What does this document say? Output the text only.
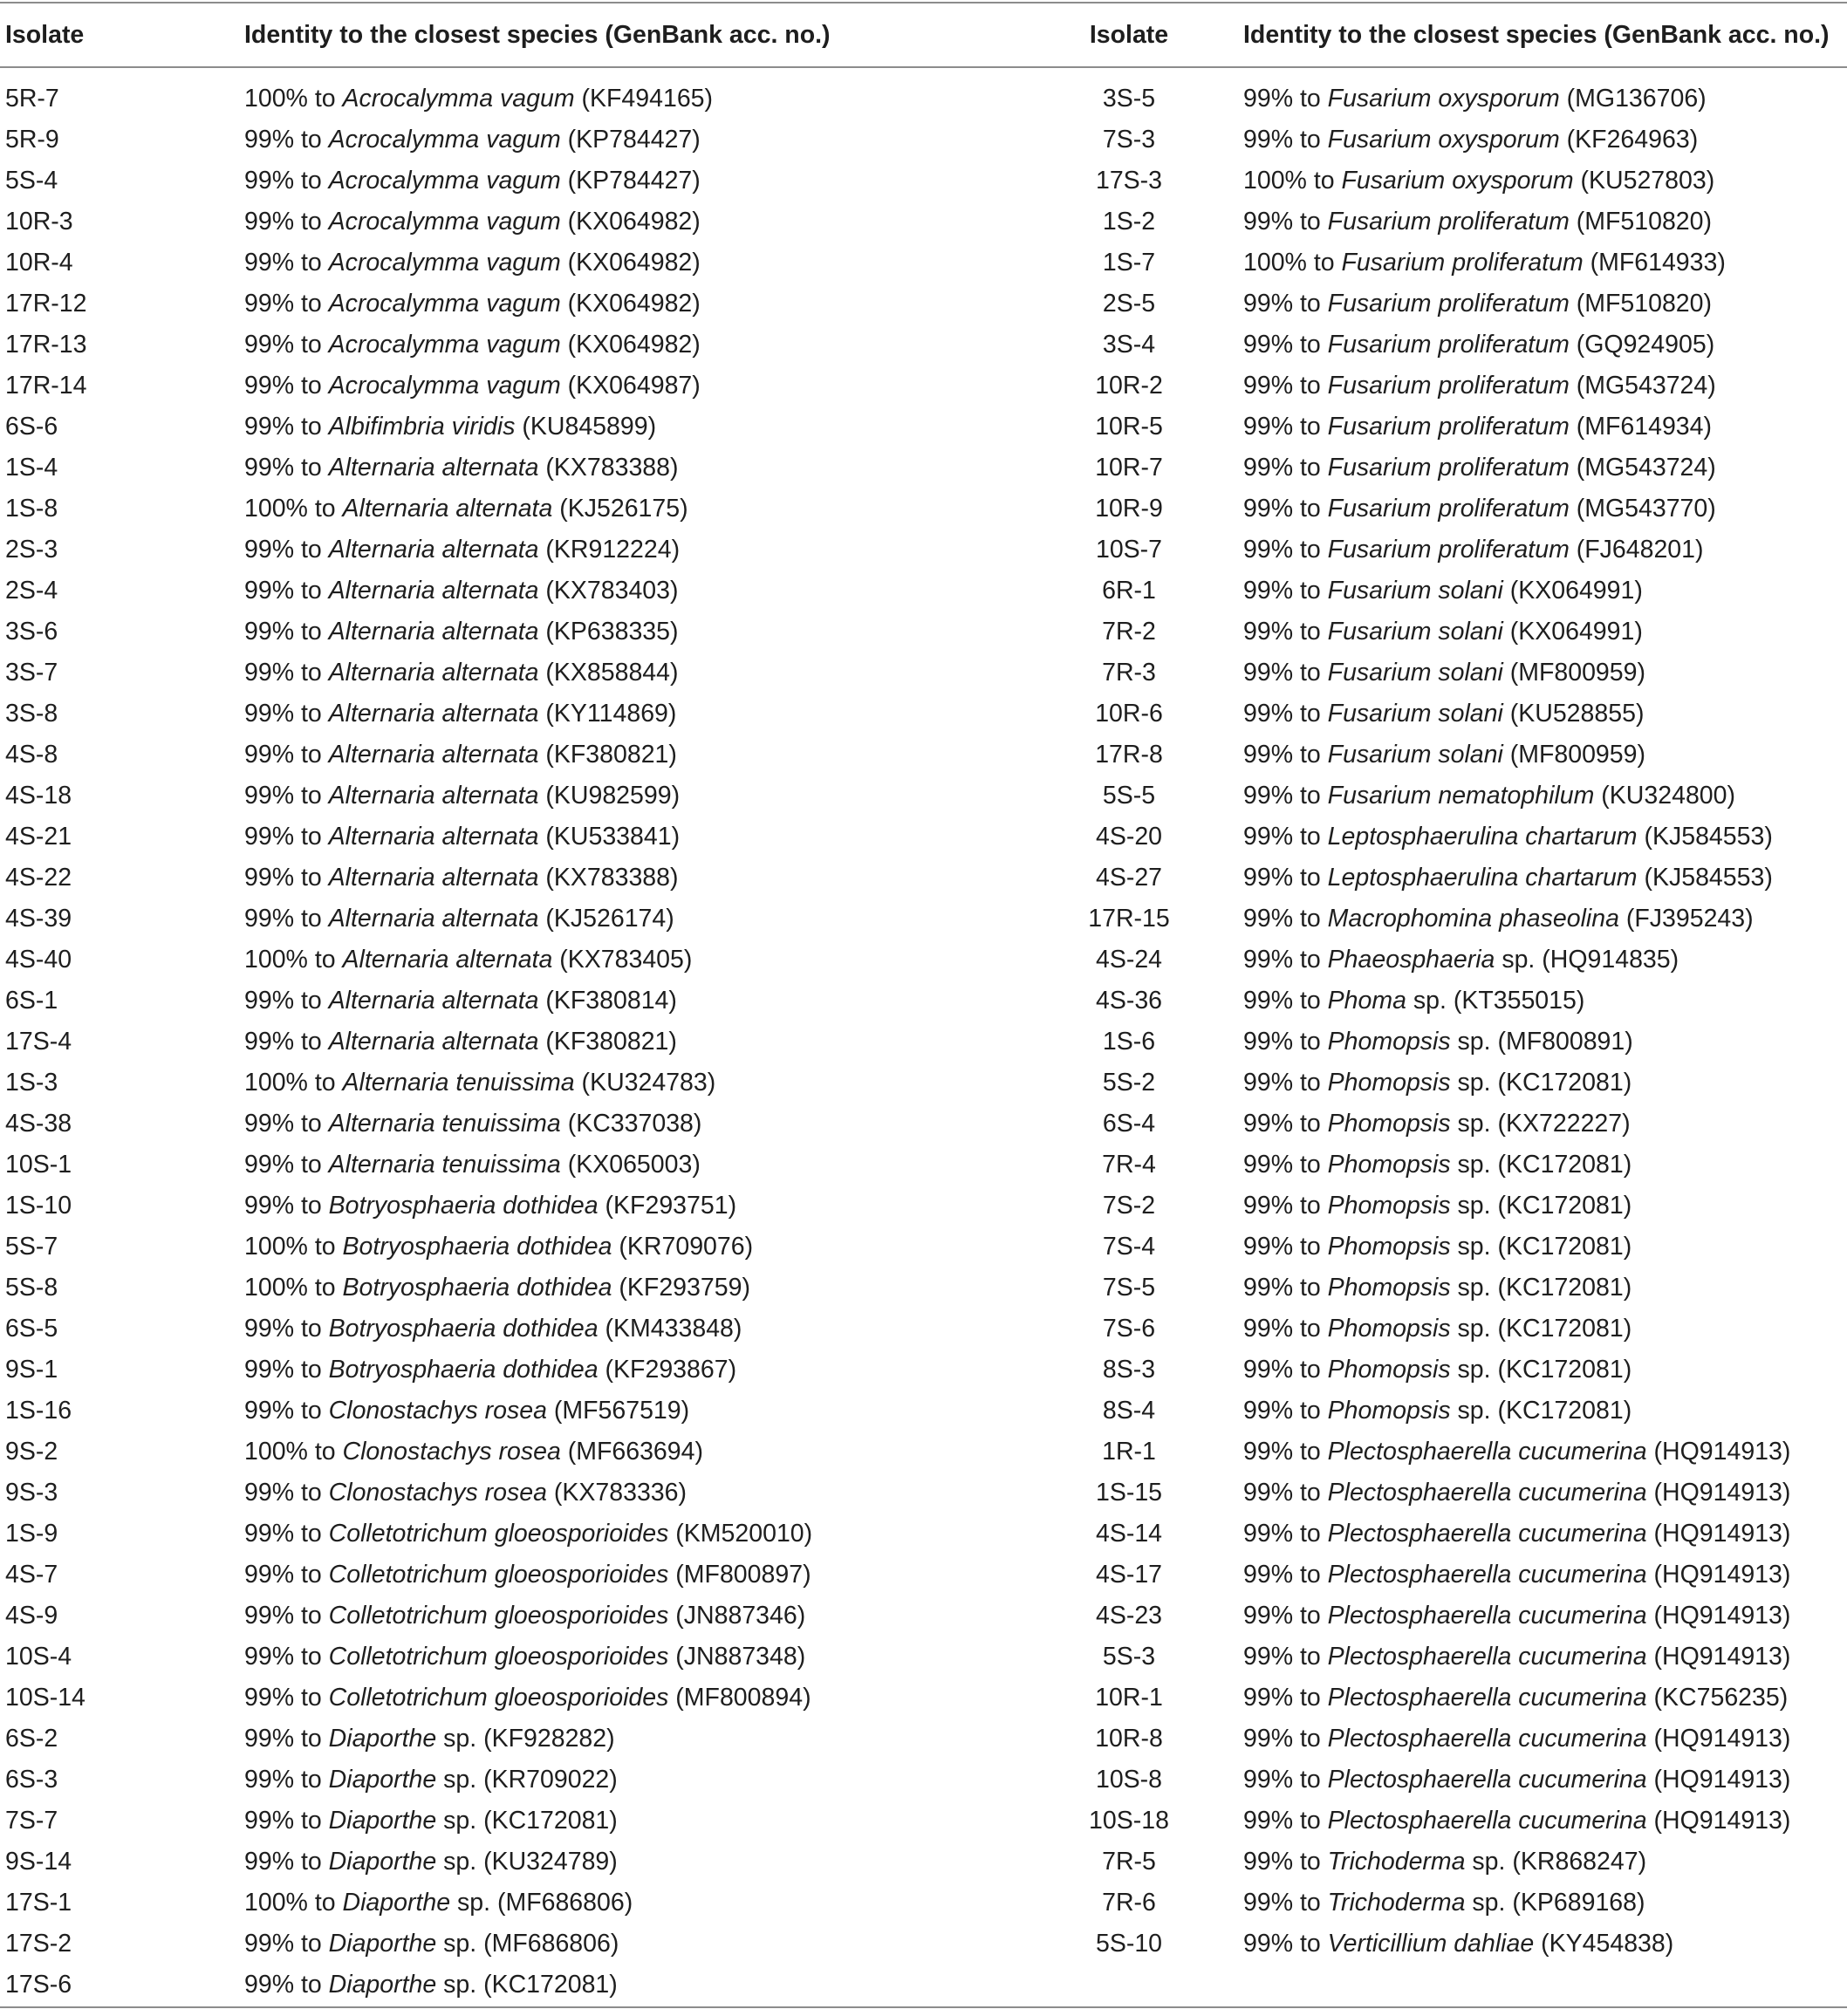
Isolate	Identity to the closest species (GenBank acc. no.)	Isolate	Identity to the closest species (GenBank acc. no.)
5R-7	100% to Acrocalymma vagum (KF494165)	3S-5	99% to Fusarium oxysporum (MG136706)
5R-9	99% to Acrocalymma vagum (KP784427)	7S-3	99% to Fusarium oxysporum (KF264963)
5S-4	99% to Acrocalymma vagum (KP784427)	17S-3	100% to Fusarium oxysporum (KU527803)
10R-3	99% to Acrocalymma vagum (KX064982)	1S-2	99% to Fusarium proliferatum (MF510820)
10R-4	99% to Acrocalymma vagum (KX064982)	1S-7	100% to Fusarium proliferatum (MF614933)
17R-12	99% to Acrocalymma vagum (KX064982)	2S-5	99% to Fusarium proliferatum (MF510820)
17R-13	99% to Acrocalymma vagum (KX064982)	3S-4	99% to Fusarium proliferatum (GQ924905)
17R-14	99% to Acrocalymma vagum (KX064987)	10R-2	99% to Fusarium proliferatum (MG543724)
6S-6	99% to Albifimbria viridis (KU845899)	10R-5	99% to Fusarium proliferatum (MF614934)
1S-4	99% to Alternaria alternata (KX783388)	10R-7	99% to Fusarium proliferatum (MG543724)
1S-8	100% to Alternaria alternata (KJ526175)	10R-9	99% to Fusarium proliferatum (MG543770)
2S-3	99% to Alternaria alternata (KR912224)	10S-7	99% to Fusarium proliferatum (FJ648201)
2S-4	99% to Alternaria alternata (KX783403)	6R-1	99% to Fusarium solani (KX064991)
3S-6	99% to Alternaria alternata (KP638335)	7R-2	99% to Fusarium solani (KX064991)
3S-7	99% to Alternaria alternata (KX858844)	7R-3	99% to Fusarium solani (MF800959)
3S-8	99% to Alternaria alternata (KY114869)	10R-6	99% to Fusarium solani (KU528855)
4S-8	99% to Alternaria alternata (KF380821)	17R-8	99% to Fusarium solani (MF800959)
4S-18	99% to Alternaria alternata (KU982599)	5S-5	99% to Fusarium nematophilum (KU324800)
4S-21	99% to Alternaria alternata (KU533841)	4S-20	99% to Leptosphaerulina chartarum (KJ584553)
4S-22	99% to Alternaria alternata (KX783388)	4S-27	99% to Leptosphaerulina chartarum (KJ584553)
4S-39	99% to Alternaria alternata (KJ526174)	17R-15	99% to Macrophomina phaseolina (FJ395243)
4S-40	100% to Alternaria alternata (KX783405)	4S-24	99% to Phaeosphaeria sp. (HQ914835)
6S-1	99% to Alternaria alternata (KF380814)	4S-36	99% to Phoma sp. (KT355015)
17S-4	99% to Alternaria alternata (KF380821)	1S-6	99% to Phomopsis sp. (MF800891)
1S-3	100% to Alternaria tenuissima (KU324783)	5S-2	99% to Phomopsis sp. (KC172081)
4S-38	99% to Alternaria tenuissima (KC337038)	6S-4	99% to Phomopsis sp. (KX722227)
10S-1	99% to Alternaria tenuissima (KX065003)	7R-4	99% to Phomopsis sp. (KC172081)
1S-10	99% to Botryosphaeria dothidea (KF293751)	7S-2	99% to Phomopsis sp. (KC172081)
5S-7	100% to Botryosphaeria dothidea (KR709076)	7S-4	99% to Phomopsis sp. (KC172081)
5S-8	100% to Botryosphaeria dothidea (KF293759)	7S-5	99% to Phomopsis sp. (KC172081)
6S-5	99% to Botryosphaeria dothidea (KM433848)	7S-6	99% to Phomopsis sp. (KC172081)
9S-1	99% to Botryosphaeria dothidea (KF293867)	8S-3	99% to Phomopsis sp. (KC172081)
1S-16	99% to Clonostachys rosea (MF567519)	8S-4	99% to Phomopsis sp. (KC172081)
9S-2	100% to Clonostachys rosea (MF663694)	1R-1	99% to Plectosphaerella cucumerina (HQ914913)
9S-3	99% to Clonostachys rosea (KX783336)	1S-15	99% to Plectosphaerella cucumerina (HQ914913)
1S-9	99% to Colletotrichum gloeosporioides (KM520010)	4S-14	99% to Plectosphaerella cucumerina (HQ914913)
4S-7	99% to Colletotrichum gloeosporioides (MF800897)	4S-17	99% to Plectosphaerella cucumerina (HQ914913)
4S-9	99% to Colletotrichum gloeosporioides (JN887346)	4S-23	99% to Plectosphaerella cucumerina (HQ914913)
10S-4	99% to Colletotrichum gloeosporioides (JN887348)	5S-3	99% to Plectosphaerella cucumerina (HQ914913)
10S-14	99% to Colletotrichum gloeosporioides (MF800894)	10R-1	99% to Plectosphaerella cucumerina (KC756235)
6S-2	99% to Diaporthe sp. (KF928282)	10R-8	99% to Plectosphaerella cucumerina (HQ914913)
6S-3	99% to Diaporthe sp. (KR709022)	10S-8	99% to Plectosphaerella cucumerina (HQ914913)
7S-7	99% to Diaporthe sp. (KC172081)	10S-18	99% to Plectosphaerella cucumerina (HQ914913)
9S-14	99% to Diaporthe sp. (KU324789)	7R-5	99% to Trichoderma sp. (KR868247)
17S-1	100% to Diaporthe sp. (MF686806)	7R-6	99% to Trichoderma sp. (KP689168)
17S-2	99% to Diaporthe sp. (MF686806)	5S-10	99% to Verticillium dahliae (KY454838)
17S-6	99% to Diaporthe sp. (KC172081)		
